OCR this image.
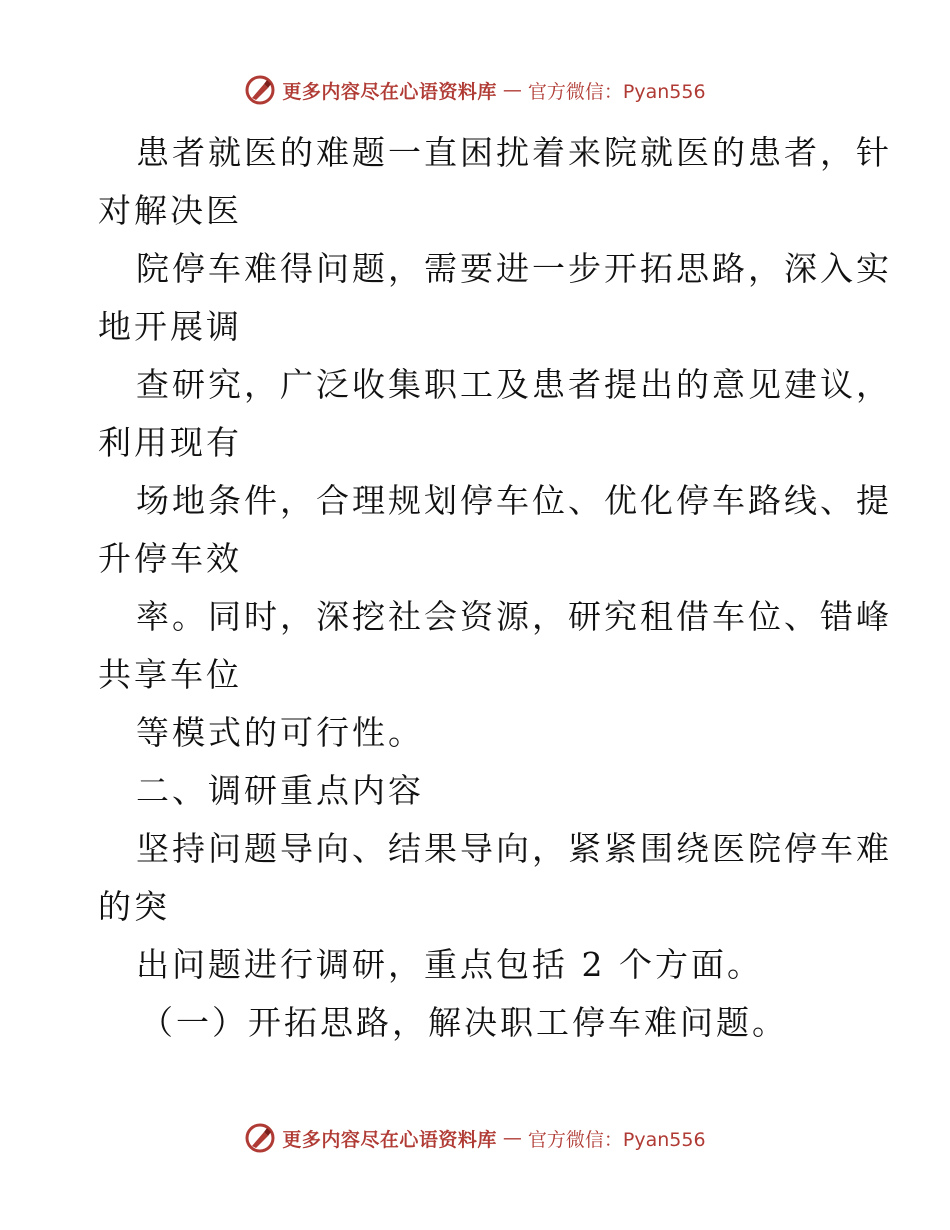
更多内容尽在心语资料库 — 官方微信：Pyan556
患者就医的难题一直困扰着来院就医的患者，针
对解决医
院停车难得问题，需要进一步开拓思路，深入实
地开展调
查研究，广泛收集职工及患者提出的意见建议，
利用现有
场地条件，合理规划停车位、优化停车路线、提
升停车效
率。同时，深挖社会资源，研究租借车位、错峰
共享车位
等模式的可行性。
二、调研重点内容
坚持问题导向、结果导向，紧紧围绕医院停车难
的突
出问题进行调研，重点包括 2 个方面。
（一）开拓思路，解决职工停车难问题。
更多内容尽在心语资料库 — 官方微信：Pyan556
